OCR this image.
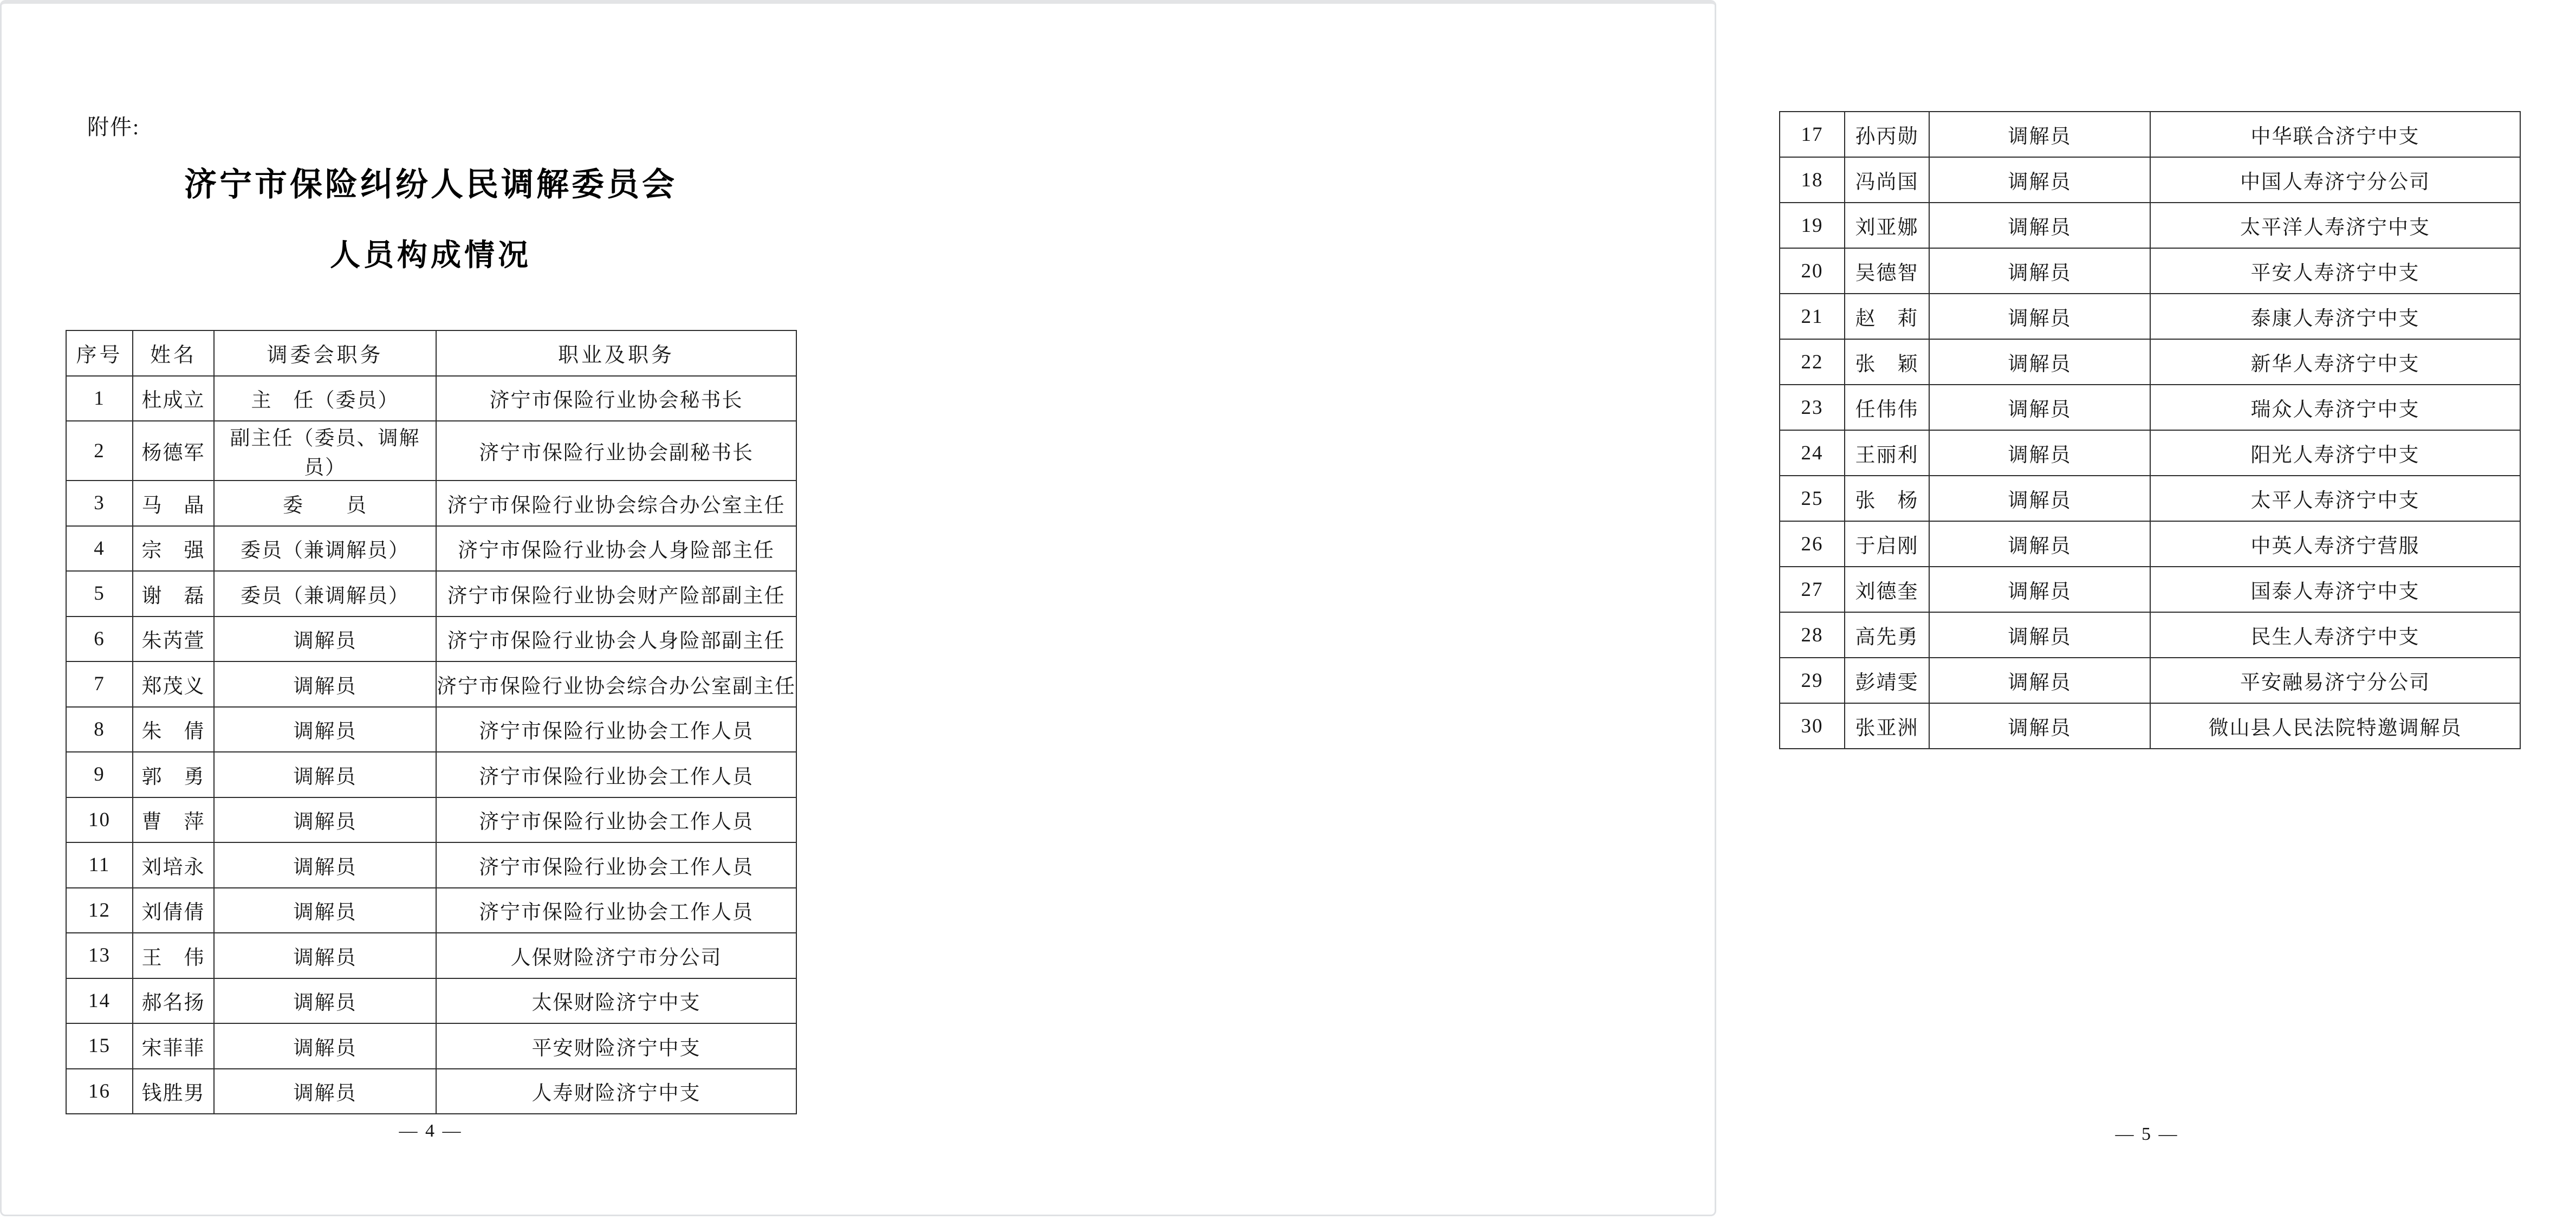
附件:
济宁市保险纠纷人民调解委员会
人员构成情况
序号	姓名	调委会职务	职业及职务
1	杜成立	主　任（委员）	济宁市保险行业协会秘书长
2	杨德军	副主任（委员、调解员）	济宁市保险行业协会副秘书长
3	马　晶	委　　员	济宁市保险行业协会综合办公室主任
4	宗　强	委员（兼调解员）	济宁市保险行业协会人身险部主任
5	谢　磊	委员（兼调解员）	济宁市保险行业协会财产险部副主任
6	朱芮萱	调解员	济宁市保险行业协会人身险部副主任
7	郑茂义	调解员	济宁市保险行业协会综合办公室副主任
8	朱　倩	调解员	济宁市保险行业协会工作人员
9	郭　勇	调解员	济宁市保险行业协会工作人员
10	曹　萍	调解员	济宁市保险行业协会工作人员
11	刘培永	调解员	济宁市保险行业协会工作人员
12	刘倩倩	调解员	济宁市保险行业协会工作人员
13	王　伟	调解员	人保财险济宁市分公司
14	郝名扬	调解员	太保财险济宁中支
15	宋菲菲	调解员	平安财险济宁中支
16	钱胜男	调解员	人寿财险济宁中支
— 4 —
17	孙丙勋	调解员	中华联合济宁中支
18	冯尚国	调解员	中国人寿济宁分公司
19	刘亚娜	调解员	太平洋人寿济宁中支
20	吴德智	调解员	平安人寿济宁中支
21	赵　莉	调解员	泰康人寿济宁中支
22	张　颖	调解员	新华人寿济宁中支
23	任伟伟	调解员	瑞众人寿济宁中支
24	王丽利	调解员	阳光人寿济宁中支
25	张　杨	调解员	太平人寿济宁中支
26	于启刚	调解员	中英人寿济宁营服
27	刘德奎	调解员	国泰人寿济宁中支
28	高先勇	调解员	民生人寿济宁中支
29	彭靖雯	调解员	平安融易济宁分公司
30	张亚洲	调解员	微山县人民法院特邀调解员
— 5 —
